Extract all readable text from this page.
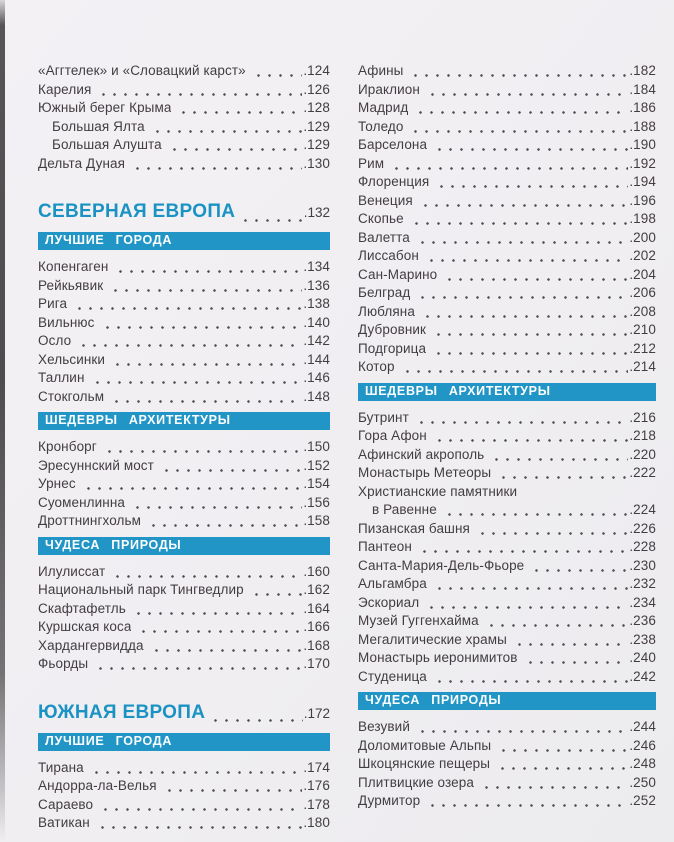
«Аггтелек» и «Словацкий карст»	. 124
Карелия	. 126
Южный берег Крыма	. 128
Большая Ялта	. 129
Большая Алушта	. 129
Дельта Дуная	. 130
СЕВЕРНАЯ ЕВРОПА	. 132
ЛУЧШИЕ ГОРОДА
Копенгаген	. 134
Рейкьявик	. 136
Рига	. 138
Вильнюс	. 140
Осло	. 142
Хельсинки	. 144
Таллин	. 146
Стокгольм	. 148
ШЕДЕВРЫ АРХИТЕКТУРЫ
Кронборг	. 150
Эресуннский мост	. 152
Урнес	. 154
Суоменлинна	. 156
Дроттнингхольм	. 158
ЧУДЕСА ПРИРОДЫ
Илулиссат	. 160
Национальный парк Тингведлир	. 162
Скафтафетль	. 164
Куршская коса	. 166
Хардангервидда	. 168
Фьорды	. 170
ЮЖНАЯ ЕВРОПА	. 172
ЛУЧШИЕ ГОРОДА
Тирана	. 174
Андорра-ла-Велья	. 176
Сараево	. 178
Ватикан	. 180
Афины	. 182
Ираклион	. 184
Мадрид	. 186
Толедо	. 188
Барселона	. 190
Рим	. 192
Флоренция	. 194
Венеция	. 196
Скопье	. 198
Валетта	. 200
Лиссабон	. 202
Сан-Марино	. 204
Белград	. 206
Любляна	. 208
Дубровник	. 210
Подгорица	. 212
Котор	. 214
ШЕДЕВРЫ АРХИТЕКТУРЫ
Бутринт	. 216
Гора Афон	. 218
Афинский акрополь	. 220
Монастырь Метеоры	. 222
Христианские памятники
в Равенне	. 224
Пизанская башня	. 226
Пантеон	. 228
Санта-Мария-Дель-Фьоре	. 230
Альгамбра	. 232
Эскориал	. 234
Музей Гуггенхайма	. 236
Мегалитические храмы	. 238
Монастырь иеронимитов	. 240
Студеница	. 242
ЧУДЕСА ПРИРОДЫ
Везувий	. 244
Доломитовые Альпы	. 246
Шкоцянские пещеры	. 248
Плитвицкие озера	. 250
Дурмитор	. 252
